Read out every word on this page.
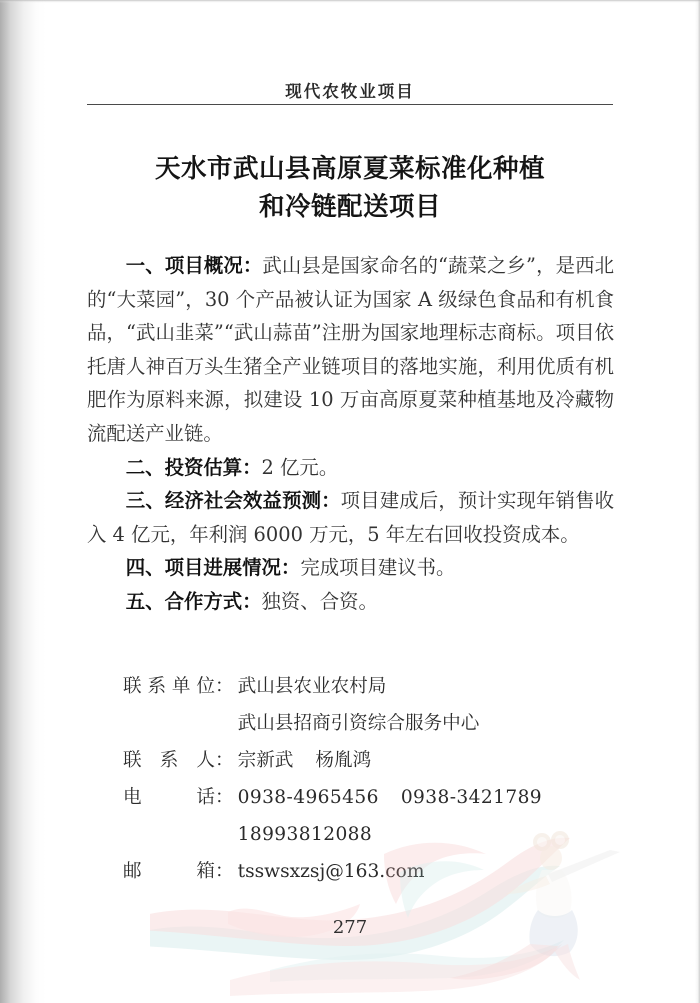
现代农牧业项目
天水市武山县高原夏菜标准化种植
和冷链配送项目

一、项目概况：武山县是国家命名的“蔬菜之乡”，是西北的“大菜园”，30 个产品被认证为国家 A 级绿色食品和有机食品，“武山韭菜”“武山蒜苗”注册为国家地理标志商标。项目依托唐人神百万头生猪全产业链项目的落地实施，利用优质有机肥作为原料来源，拟建设 10 万亩高原夏菜种植基地及冷藏物流配送产业链。

二、投资估算：2 亿元。

三、经济社会效益预测：项目建成后，预计实现年销售收入 4 亿元，年利润 6000 万元，5 年左右回收投资成本。

四、项目进展情况：完成项目建议书。

五、合作方式：独资、合资。

联 系 单 位 ： 武山县农业农村局
武山县招商引资综合服务中心
联 系 人 ： 宗新武 杨胤鸿
电	话 ： 0938-4965456 0938-3421789
18993812088
邮	箱 ： tsswsxzsj@163.com
277
